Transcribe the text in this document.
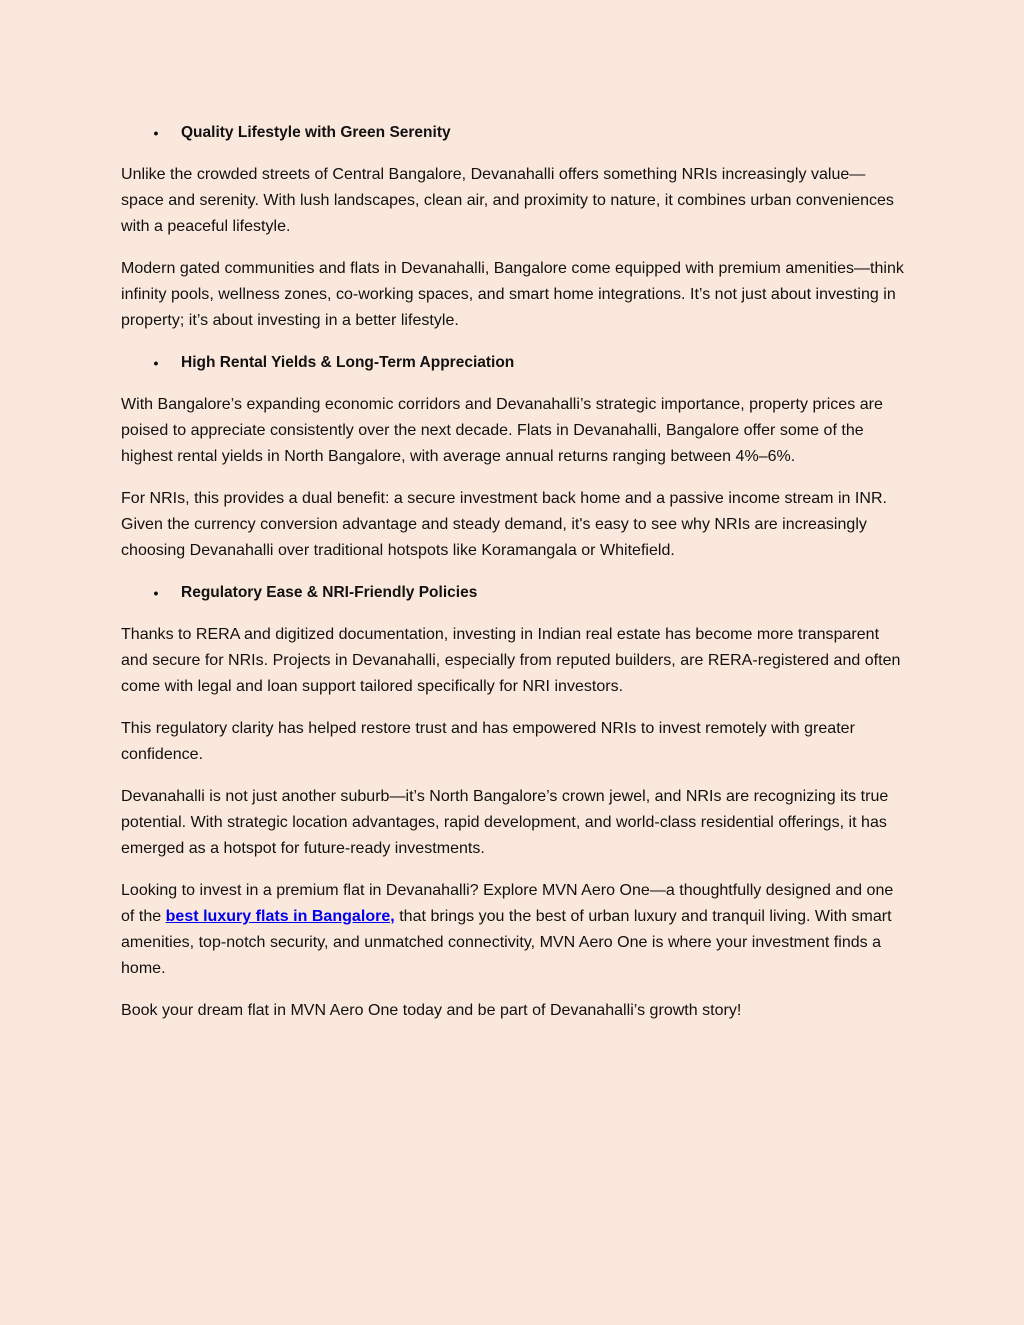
•	Quality Lifestyle with Green Serenity

Unlike the crowded streets of Central Bangalore, Devanahalli offers something NRIs increasingly value—space and serenity. With lush landscapes, clean air, and proximity to nature, it combines urban conveniences with a peaceful lifestyle.

Modern gated communities and flats in Devanahalli, Bangalore come equipped with premium amenities—think infinity pools, wellness zones, co-working spaces, and smart home integrations. It’s not just about investing in property; it’s about investing in a better lifestyle.

•	High Rental Yields & Long-Term Appreciation

With Bangalore’s expanding economic corridors and Devanahalli’s strategic importance, property prices are poised to appreciate consistently over the next decade. Flats in Devanahalli, Bangalore offer some of the highest rental yields in North Bangalore, with average annual returns ranging between 4%–6%.

For NRIs, this provides a dual benefit: a secure investment back home and a passive income stream in INR. Given the currency conversion advantage and steady demand, it's easy to see why NRIs are increasingly choosing Devanahalli over traditional hotspots like Koramangala or Whitefield.

•	Regulatory Ease & NRI-Friendly Policies

Thanks to RERA and digitized documentation, investing in Indian real estate has become more transparent and secure for NRIs. Projects in Devanahalli, especially from reputed builders, are RERA-registered and often come with legal and loan support tailored specifically for NRI investors.

This regulatory clarity has helped restore trust and has empowered NRIs to invest remotely with greater confidence.

Devanahalli is not just another suburb—it’s North Bangalore’s crown jewel, and NRIs are recognizing its true potential. With strategic location advantages, rapid development, and world-class residential offerings, it has emerged as a hotspot for future-ready investments.

Looking to invest in a premium flat in Devanahalli? Explore MVN Aero One—a thoughtfully designed and one of the best luxury flats in Bangalore, that brings you the best of urban luxury and tranquil living. With smart amenities, top-notch security, and unmatched connectivity, MVN Aero One is where your investment finds a home.

Book your dream flat in MVN Aero One today and be part of Devanahalli’s growth story!
